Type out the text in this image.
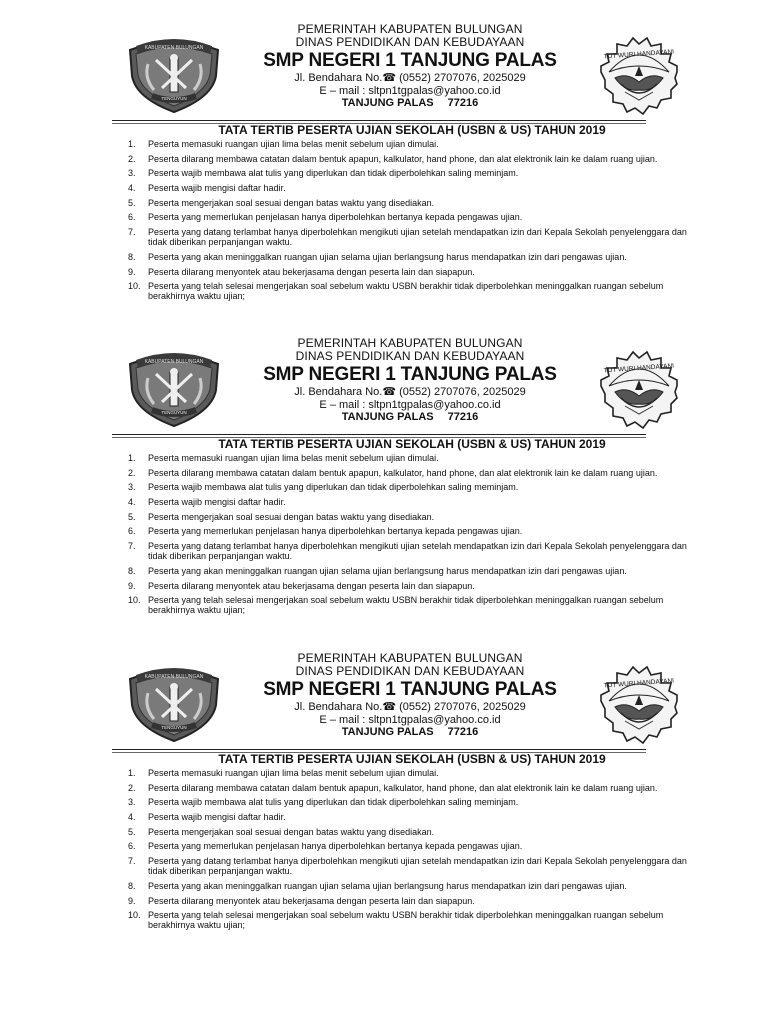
KABUPATEN BULUNGAN
TENGUYUN
PEMERINTAH KABUPATEN BULUNGAN
DINAS PENDIDIKAN DAN KEBUDAYAAN
SMP NEGERI 1 TANJUNG PALAS
Jl. Bendahara No.☎ (0552) 2707076, 2025029
E – mail : sltpn1tgpalas@yahoo.co.id
TANJUNG PALAS 77216
TUT WURI HANDAYANI
TATA TERTIB PESERTA UJIAN SEKOLAH (USBN & US) TAHUN 2019
1. Peserta memasuki ruangan ujian lima belas menit sebelum ujian dimulai.
2. Peserta dilarang membawa catatan dalam bentuk apapun, kalkulator, hand phone, dan alat elektronik lain ke dalam ruang ujian.
3. Peserta wajib membawa alat tulis yang diperlukan dan tidak diperbolehkan saling meminjam.
4. Peserta wajib mengisi daftar hadir.
5. Peserta mengerjakan soal sesuai dengan batas waktu yang disediakan.
6. Peserta yang memerlukan penjelasan hanya diperbolehkan bertanya kepada pengawas ujian.
7. Peserta yang datang terlambat hanya diperbolehkan mengikuti ujian setelah mendapatkan izin dari Kepala Sekolah penyelenggara dan tidak diberikan perpanjangan waktu.
8. Peserta yang akan meninggalkan ruangan ujian selama ujian berlangsung harus mendapatkan izin dari pengawas ujian.
9. Peserta dilarang menyontek atau bekerjasama dengan peserta lain dan siapapun.
10. Peserta yang telah selesai mengerjakan soal sebelum waktu USBN berakhir tidak diperbolehkan meninggalkan ruangan sebelum berakhirnya waktu ujian;
KABUPATEN BULUNGAN
TENGUYUN
PEMERINTAH KABUPATEN BULUNGAN
DINAS PENDIDIKAN DAN KEBUDAYAAN
SMP NEGERI 1 TANJUNG PALAS
Jl. Bendahara No.☎ (0552) 2707076, 2025029
E – mail : sltpn1tgpalas@yahoo.co.id
TANJUNG PALAS 77216
TUT WURI HANDAYANI
TATA TERTIB PESERTA UJIAN SEKOLAH (USBN & US) TAHUN 2019
1. Peserta memasuki ruangan ujian lima belas menit sebelum ujian dimulai.
2. Peserta dilarang membawa catatan dalam bentuk apapun, kalkulator, hand phone, dan alat elektronik lain ke dalam ruang ujian.
3. Peserta wajib membawa alat tulis yang diperlukan dan tidak diperbolehkan saling meminjam.
4. Peserta wajib mengisi daftar hadir.
5. Peserta mengerjakan soal sesuai dengan batas waktu yang disediakan.
6. Peserta yang memerlukan penjelasan hanya diperbolehkan bertanya kepada pengawas ujian.
7. Peserta yang datang terlambat hanya diperbolehkan mengikuti ujian setelah mendapatkan izin dari Kepala Sekolah penyelenggara dan tidak diberikan perpanjangan waktu.
8. Peserta yang akan meninggalkan ruangan ujian selama ujian berlangsung harus mendapatkan izin dari pengawas ujian.
9. Peserta dilarang menyontek atau bekerjasama dengan peserta lain dan siapapun.
10. Peserta yang telah selesai mengerjakan soal sebelum waktu USBN berakhir tidak diperbolehkan meninggalkan ruangan sebelum berakhirnya waktu ujian;
KABUPATEN BULUNGAN
TENGUYUN
PEMERINTAH KABUPATEN BULUNGAN
DINAS PENDIDIKAN DAN KEBUDAYAAN
SMP NEGERI 1 TANJUNG PALAS
Jl. Bendahara No.☎ (0552) 2707076, 2025029
E – mail : sltpn1tgpalas@yahoo.co.id
TANJUNG PALAS 77216
TUT WURI HANDAYANI
TATA TERTIB PESERTA UJIAN SEKOLAH (USBN & US) TAHUN 2019
1. Peserta memasuki ruangan ujian lima belas menit sebelum ujian dimulai.
2. Peserta dilarang membawa catatan dalam bentuk apapun, kalkulator, hand phone, dan alat elektronik lain ke dalam ruang ujian.
3. Peserta wajib membawa alat tulis yang diperlukan dan tidak diperbolehkan saling meminjam.
4. Peserta wajib mengisi daftar hadir.
5. Peserta mengerjakan soal sesuai dengan batas waktu yang disediakan.
6. Peserta yang memerlukan penjelasan hanya diperbolehkan bertanya kepada pengawas ujian.
7. Peserta yang datang terlambat hanya diperbolehkan mengikuti ujian setelah mendapatkan izin dari Kepala Sekolah penyelenggara dan tidak diberikan perpanjangan waktu.
8. Peserta yang akan meninggalkan ruangan ujian selama ujian berlangsung harus mendapatkan izin dari pengawas ujian.
9. Peserta dilarang menyontek atau bekerjasama dengan peserta lain dan siapapun.
10. Peserta yang telah selesai mengerjakan soal sebelum waktu USBN berakhir tidak diperbolehkan meninggalkan ruangan sebelum berakhirnya waktu ujian;
